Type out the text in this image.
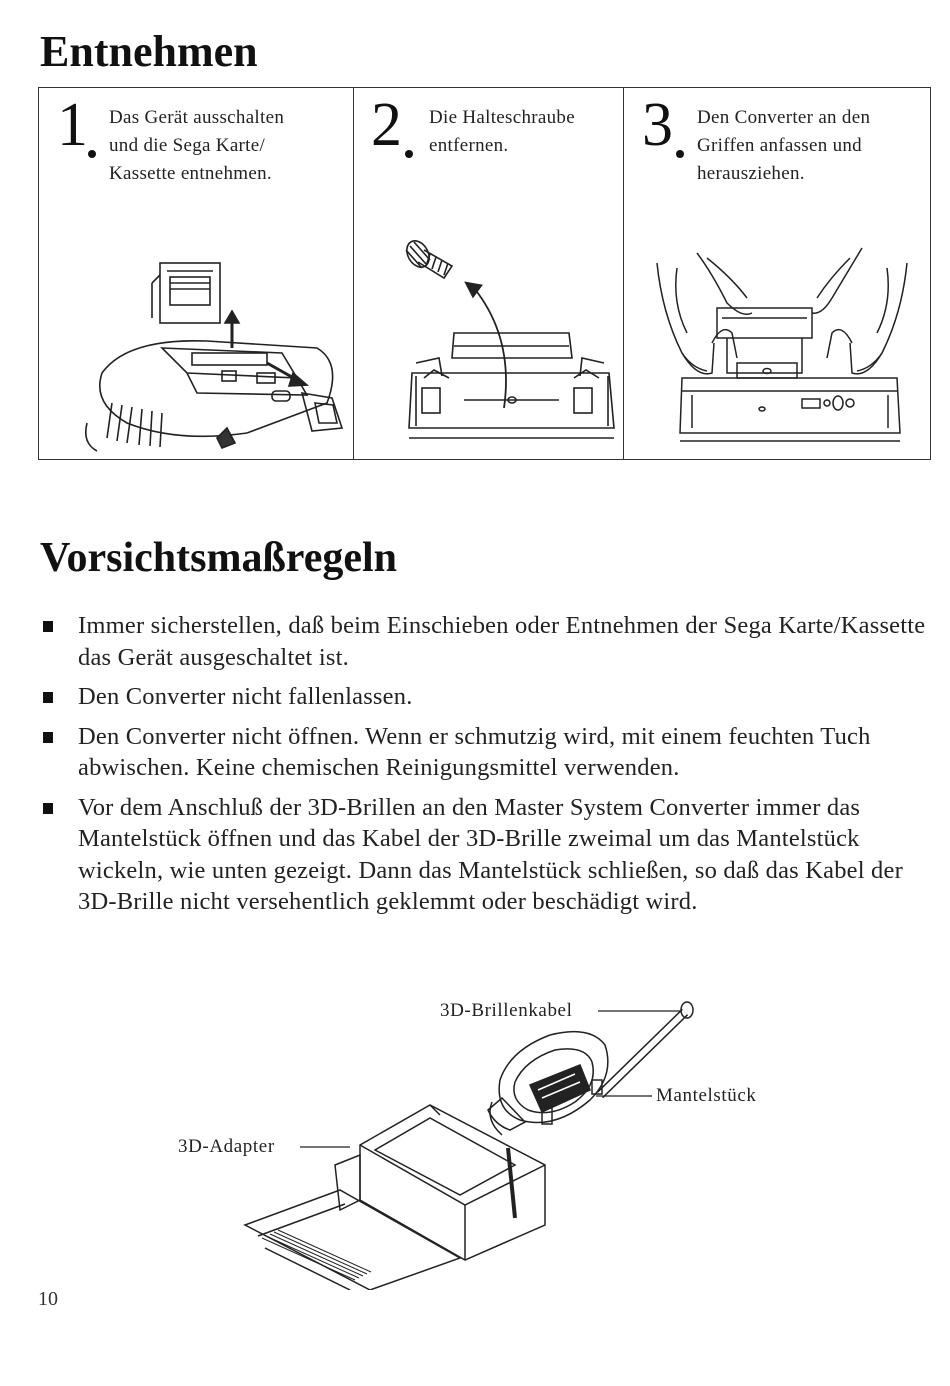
Entnehmen
1 Das Gerät ausschalten
und die Sega Karte/
Kassette entnehmen.
2 Die Halteschraube
entfernen.	3 Den Converter an den
Griffen anfassen und
herausziehen.
Vorsichtsmaßregeln
Immer sicherstellen, daß beim Einschieben oder Entnehmen der Sega Karte/Kassette das Gerät ausgeschaltet ist.
Den Converter nicht fallenlassen.
Den Converter nicht öffnen. Wenn er schmutzig wird, mit einem feuchten Tuch abwischen. Keine chemischen Reinigungsmittel verwenden.
Vor dem Anschluß der 3D-Brillen an den Master System Converter immer das Mantelstück öffnen und das Kabel der 3D-Brille zweimal um das Mantelstück wickeln, wie unten gezeigt. Dann das Mantelstück schließen, so daß das Kabel der 3D-Brille nicht versehentlich geklemmt oder beschädigt wird.
3D-Brillenkabel
Mantelstück
3D-Adapter
10
